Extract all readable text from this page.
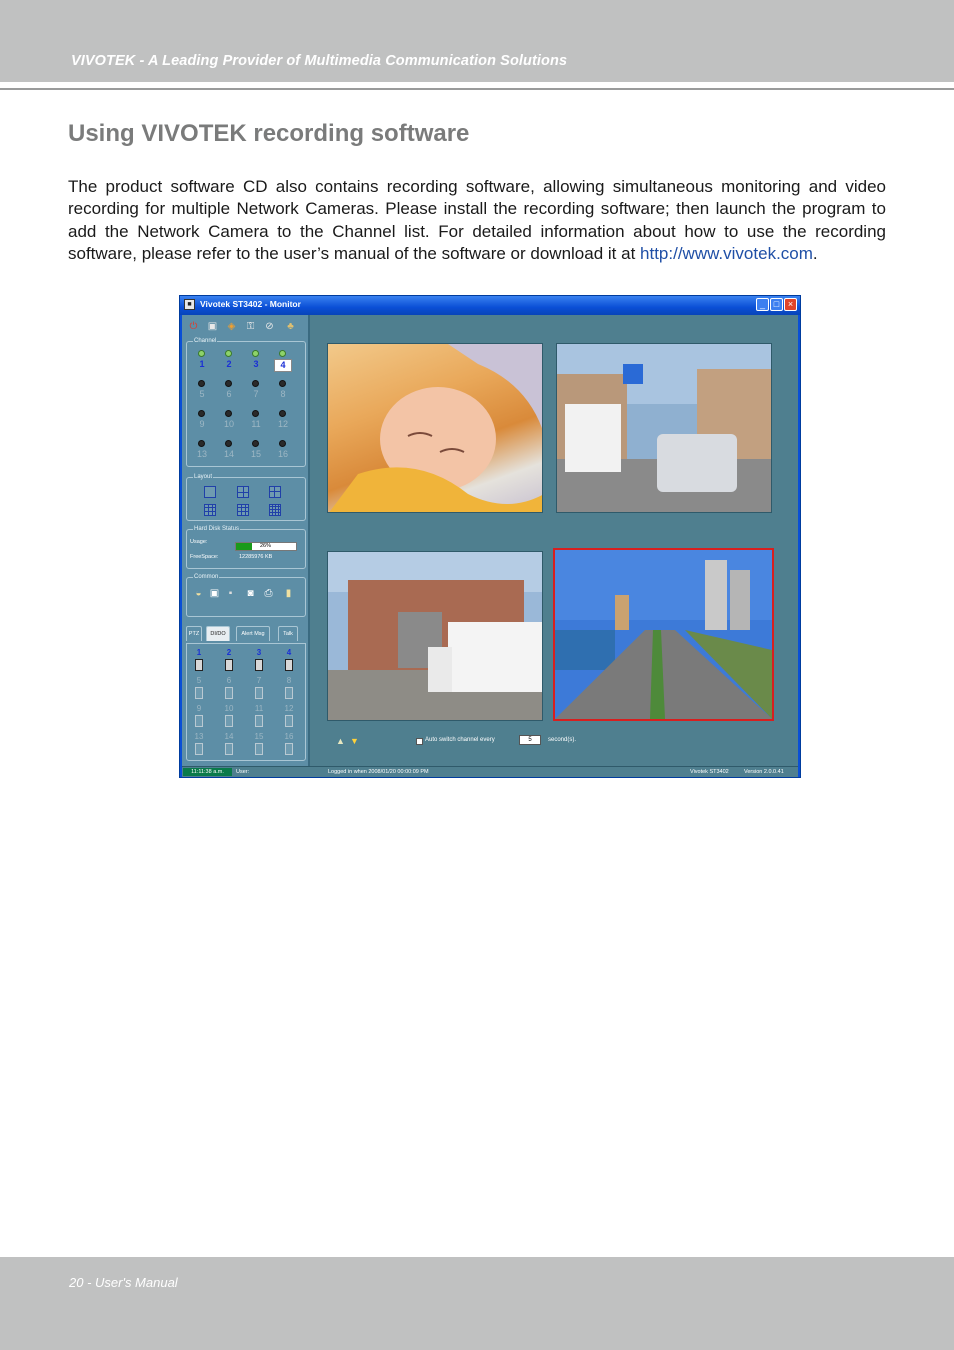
VIVOTEK - A Leading Provider of Multimedia Communication Solutions
Using VIVOTEK recording software

The product software CD also contains recording software, allowing simultaneous monitoring and video recording for multiple Network Cameras. Please install the recording software; then launch the program to add the Network Camera to the Channel list. For detailed information about how to use the recording software, please refer to the user’s manual of the software or download it at http://www.vivotek.com.

■ Vivotek ST3402 - Monitor	_ □ ×
⏻ ▣ ◈ ⚿ ⊘ ♣
Channel
1	2	3	4
5	6	7	8
9	10	11	12
13	14	15	16
Layout
Hard Disk Status
Usage:
26%
FreeSpace:	12285976 KB
Common
◒ ▣ ▪	◙ ⎙ ▮
PTZ	DI/DO	Alert Msg	Talk
1	2	3	4
5	6	7	8
9	10	11	12
13	14	15	16	▲ ▼	Auto switch channel every	5	second(s).
11:11:38 a.m.	User:	Logged in when 2008/01/20 00:00:09 PM	Vivotek ST3402	Version 2.0.0.41
20 - User's Manual
